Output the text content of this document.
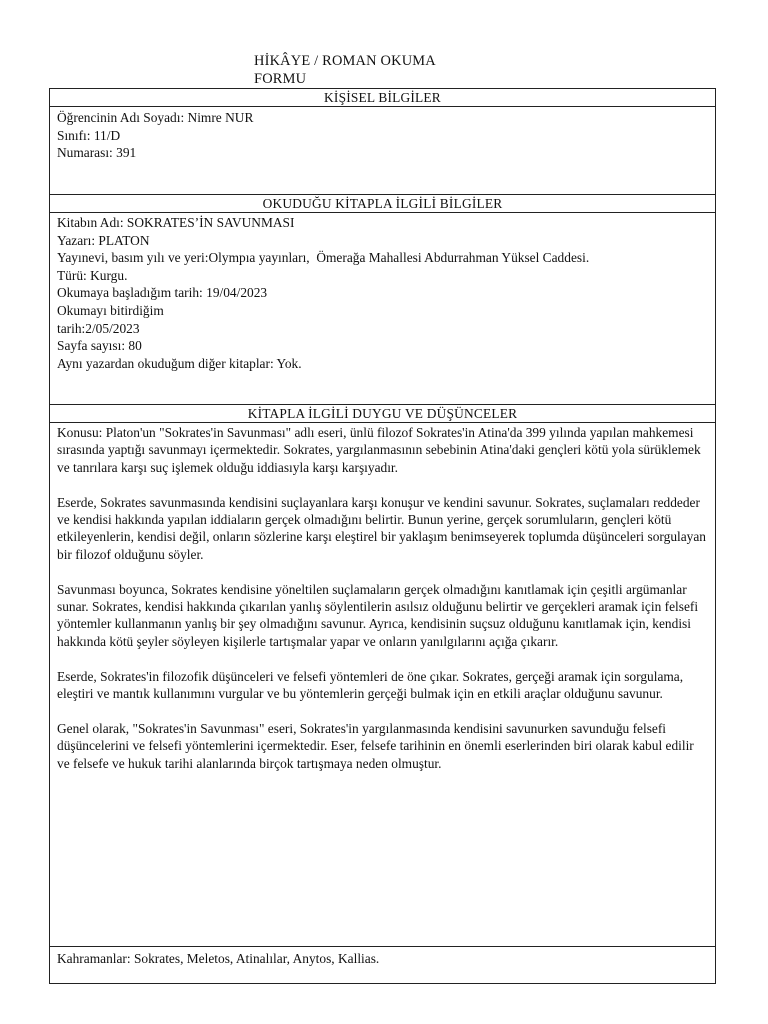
HİKÂYE / ROMAN OKUMA FORMU
KİŞİSEL BİLGİLER
Öğrencinin Adı Soyadı: Nimre NUR
Sınıfı: 11/D
Numarası: 391
OKUDUĞU KİTAPLA İLGİLİ BİLGİLER
Kitabın Adı: SOKRATES’İN SAVUNMASI
Yazarı: PLATON
Yayınevi, basım yılı ve yeri:Olympıa yayınları,  Ömerağa Mahallesi Abdurrahman Yüksel Caddesi.
Türü: Kurgu.
Okumaya başladığım tarih: 19/04/2023
Okumayı bitirdiğim
tarih:2/05/2023
Sayfa sayısı: 80
Aynı yazardan okuduğum diğer kitaplar: Yok.
KİTAPLA İLGİLİ DUYGU VE DÜŞÜNCELER

Konusu: Platon'un "Sokrates'in Savunması" adlı eseri, ünlü filozof Sokrates'in Atina'da 399 yılında yapılan mahkemesi sırasında yaptığı savunmayı içermektedir. Sokrates, yargılanmasının sebebinin Atina'daki gençleri kötü yola sürüklemek ve tanrılara karşı suç işlemek olduğu iddiasıyla karşı karşıyadır.

Eserde, Sokrates savunmasında kendisini suçlayanlara karşı konuşur ve kendini savunur. Sokrates, suçlamaları reddeder ve kendisi hakkında yapılan iddiaların gerçek olmadığını belirtir. Bunun yerine, gerçek sorumluların, gençleri kötü etkileyenlerin, kendisi değil, onların sözlerine karşı eleştirel bir yaklaşım benimseyerek toplumda düşünceleri sorgulayan bir filozof olduğunu söyler.

Savunması boyunca, Sokrates kendisine yöneltilen suçlamaların gerçek olmadığını kanıtlamak için çeşitli argümanlar sunar. Sokrates, kendisi hakkında çıkarılan yanlış söylentilerin asılsız olduğunu belirtir ve gerçekleri aramak için felsefi yöntemler kullanmanın yanlış bir şey olmadığını savunur. Ayrıca, kendisinin suçsuz olduğunu kanıtlamak için, kendisi hakkında kötü şeyler söyleyen kişilerle tartışmalar yapar ve onların yanılgılarını açığa çıkarır.

Eserde, Sokrates'in filozofik düşünceleri ve felsefi yöntemleri de öne çıkar. Sokrates, gerçeği aramak için sorgulama, eleştiri ve mantık kullanımını vurgular ve bu yöntemlerin gerçeği bulmak için en etkili araçlar olduğunu savunur.

Genel olarak, "Sokrates'in Savunması" eseri, Sokrates'in yargılanmasında kendisini savunurken savunduğu felsefi düşüncelerini ve felsefi yöntemlerini içermektedir. Eser, felsefe tarihinin en önemli eserlerinden biri olarak kabul edilir ve felsefe ve hukuk tarihi alanlarında birçok tartışmaya neden olmuştur.

Kahramanlar: Sokrates, Meletos, Atinalılar, Anytos, Kallias.
